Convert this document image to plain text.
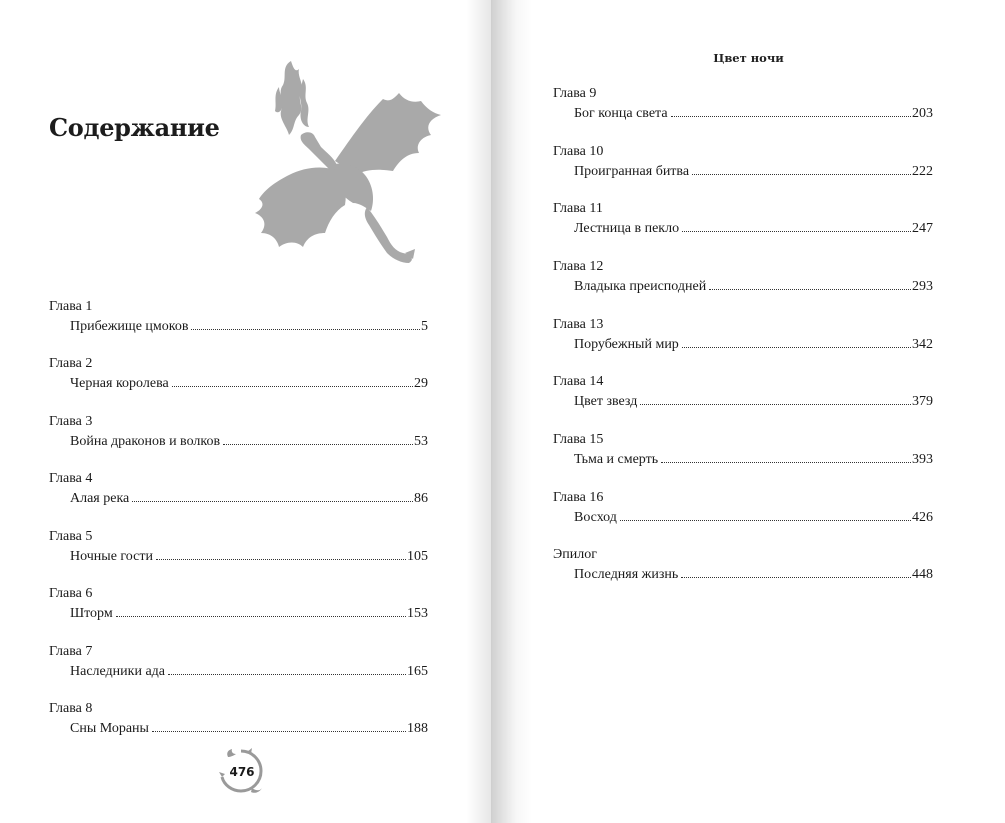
Содержание
Глава 1
Прибежище цмоков	5
Глава 2
Черная королева	29
Глава 3
Война драконов и волков	53
Глава 4
Алая река	86
Глава 5
Ночные гости	105
Глава 6
Шторм	153
Глава 7
Наследники ада	165
Глава 8
Сны Мораны	188
476
Цвет ночи
Глава 9
Бог конца света	203
Глава 10
Проигранная битва	222
Глава 11
Лестница в пекло	247
Глава 12
Владыка преисподней	293
Глава 13
Порубежный мир	342
Глава 14
Цвет звезд	379
Глава 15
Тьма и смерть	393
Глава 16
Восход	426
Эпилог
Последняя жизнь	448
